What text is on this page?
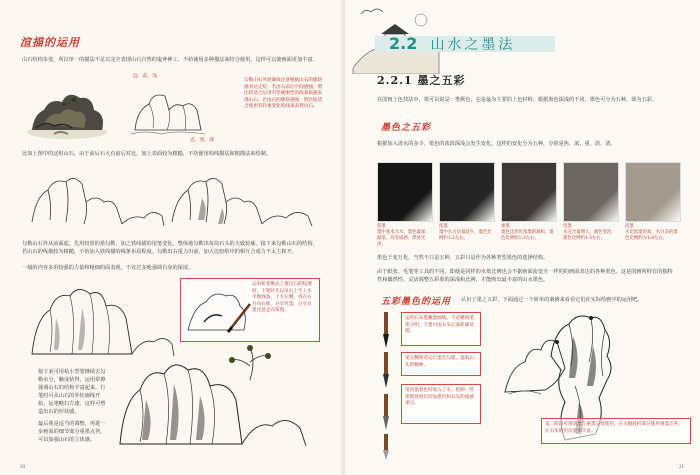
渲描的运用
山石结构多变，所以单一的描法不足以完全表现山石自然的鬼斧神工，不妨使用多种描法来结合使用。这样可以使画面更加丰富。
远、前、浅
近、宽、深
勾勒山石外轮廓线注意根据山石的脉络感表达走势，若由石前后空间感强，增比较适合运用有坚硬刚性的线条质感表现山石。若由石的脉络感强，增比较适合使用有轻柔变化的线条表现山石。
比如上图中的这组山石，由于前后石大有前后对比，加上表面较为粗糙，不妨使用钩线描法和粗描法来绘制。
勾勒山石外从前面起，先用较淡的墨勾勒，加之铁线描的用笔变化，整体地勾勒出每块石头的大致轮廓。接下来勾勒山石的结构，若山石的线描较为粗糙，不妨加入铁线描的线条布局程度。勾勒出右重力出前，加大比较组中的相互合成力不太主和开。
一般的内容多用较强的力量和粗细的面表现，不宜过多地强调自身的深度。
运用杭笔顺式上推出石的纹理时，下笔时先以从右上至上水平地线条，上方左侧，再在右方向右推，分享点墨，分享点墨注意走向布置。
接下来可用枯小型笔继续去勾勒水分，触成枯得，运用晕擦强调山石的结构丰富起来。行笔时可从山石的外轮廓线开始，运笔略扫方速，这样可塑造出石的形状感。
最后我是适当的调整，再进一步画面的细节部分重墨点苔，可以加强山石的立体感。
20
2.2 山水之墨法
2.2.1 墨之五彩
在国画上色技法中，墨可以说是一类颜色，它是最为主要的上色材料，根据墨色深浅的不同，墨色可分为五种，即为五彩。
墨色之五彩
根据加入清水的多少，墨色的浓淡深浅会发生变化。这样的变化分为五种，分别是焦、浓、重、淡、清。
焦墨
墨中基本无水，墨色最深、最浓，具有质感、黑亮光泽。
浓墨
墨中水占份量较少，墨色比例约1:2左右。
重墨
墨色比淡化浓墨的调和，墨色比例约1:3左右。
淡墨
水分含量增大，颜色变淡，墨色比例约1:5左右。
清墨
水比浓墨更加，水分多的墨色比例约为1:8左右。
墨色千变万化，当然不只是五种，五彩只是作为各种类型墨色的选择结构。
由于纸张、毛笔等工具的不同，即使是同样的水墨比例也会不据画面流变全一样的的画面表达的各种墨色。这是国画所特有的独特性和偶然性。灵活调整五彩墨的深浅和比例，才能画出最丰富的山水墨色。
五彩墨色的运用 认识了墨之五彩，下面通过一个简单的案例来看看它们在实际绘画中的运用吧。
运用石头墨蘸墨画线，不必精致笔笔分明，下墨可由石头后面轮廓处理。
笔尖侧锋弯运行墨色勾轮，提取石头的精神。
用淡墨着色时加入了水，控制一些笔墨效果层次加墨色和石头的质感重点。
第二阶段可用清墨与重墨交替使用，在关键转折部分使用重墨点苔，让石头的层次更加丰富。
21
